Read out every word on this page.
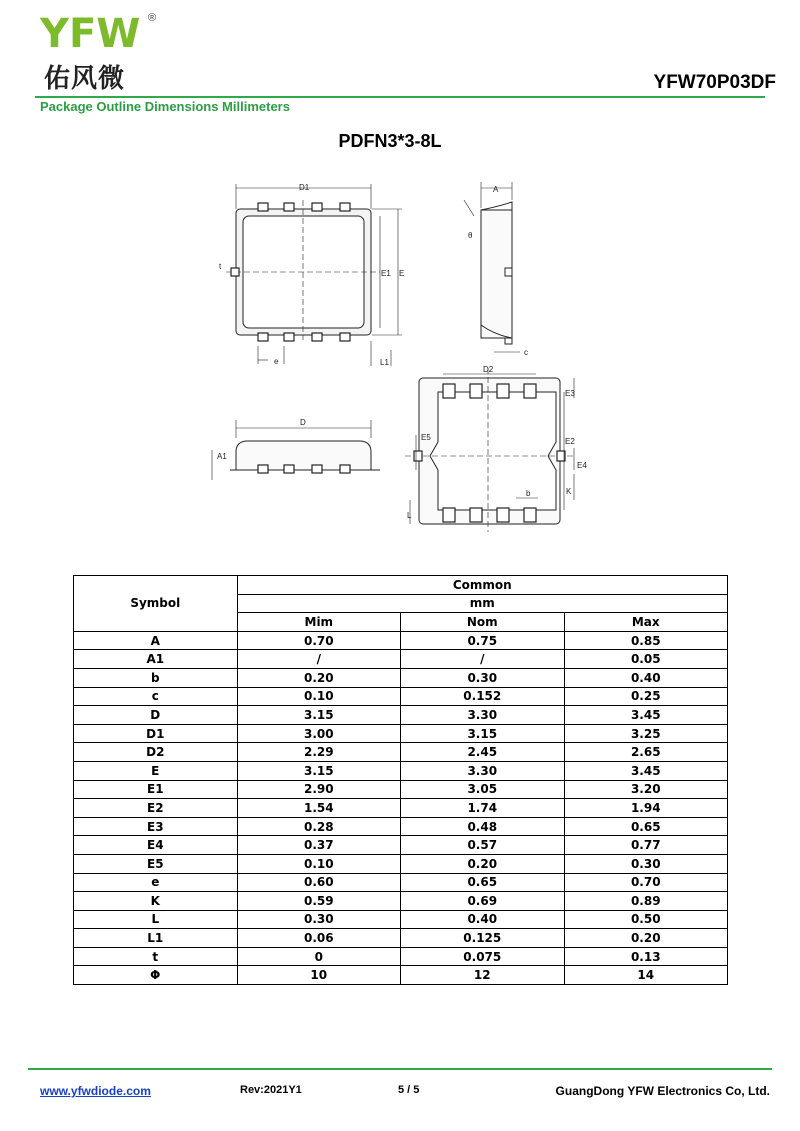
YFW ®
佑风微	YFW70P03DF
Package Outline Dimensions Millimeters
PDFN3*3-8L
D1
E1 E
t
e	L1
A
θ
c
D
A1
D2
E3
E2
E5
E4
K
b
L
Symbol	Common		
	mm		
	Mim	Nom	Max
A	0.70	0.75	0.85
A1	/	/	0.05
b	0.20	0.30	0.40
c	0.10	0.152	0.25
D	3.15	3.30	3.45
D1	3.00	3.15	3.25
D2	2.29	2.45	2.65
E	3.15	3.30	3.45
E1	2.90	3.05	3.20
E2	1.54	1.74	1.94
E3	0.28	0.48	0.65
E4	0.37	0.57	0.77
E5	0.10	0.20	0.30
e	0.60	0.65	0.70
K	0.59	0.69	0.89
L	0.30	0.40	0.50
L1	0.06	0.125	0.20
t	0	0.075	0.13
Φ	10	12	14
www.yfwdiode.com	Rev:2021Y1	5 / 5	GuangDong YFW Electronics Co, Ltd.
